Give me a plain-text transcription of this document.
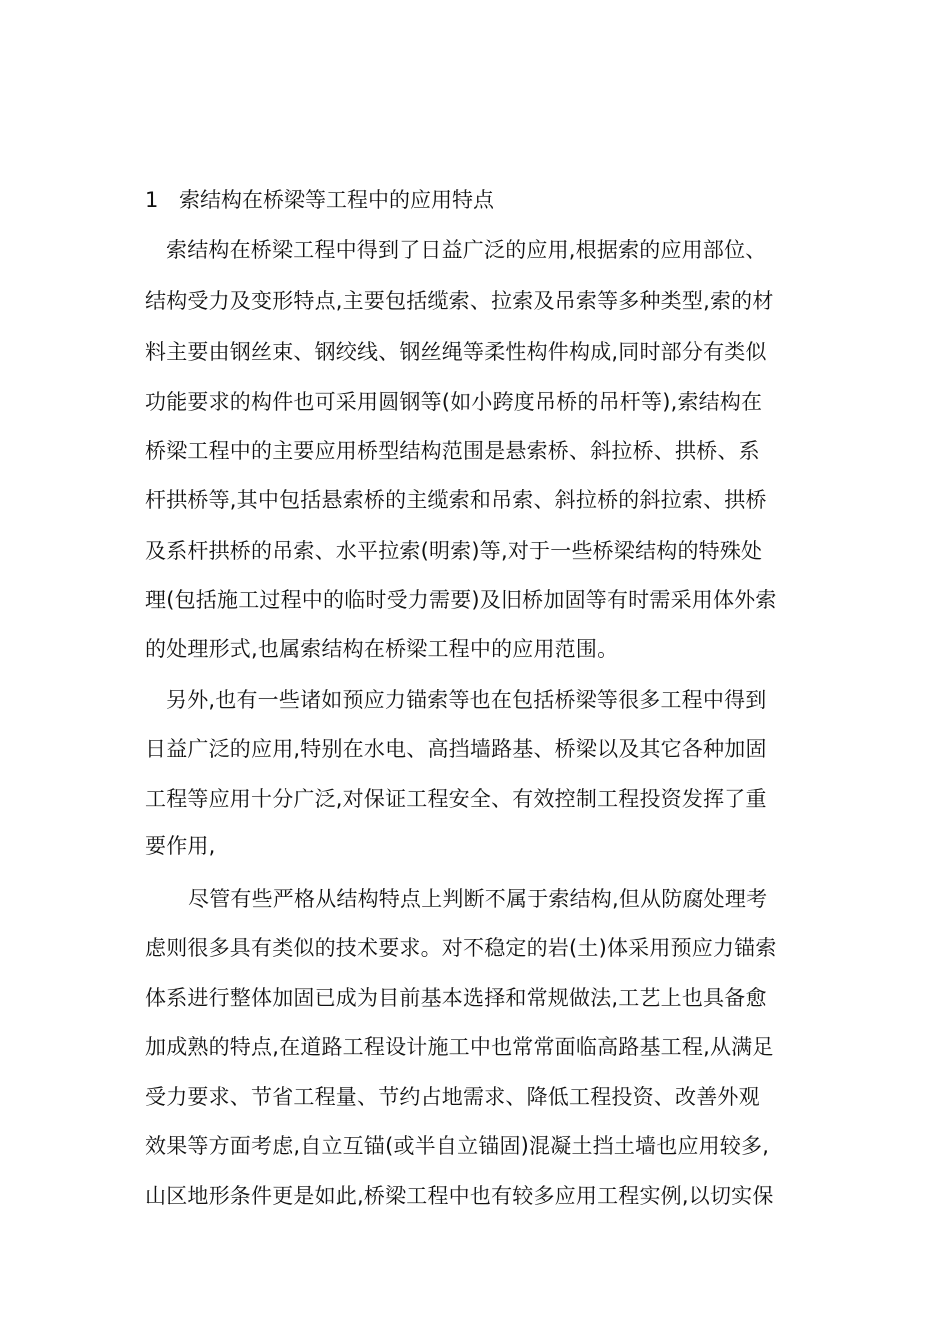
1 索结构在桥梁等工程中的应用特点
索结构在桥梁工程中得到了日益广泛的应用,根据索的应用部位、
结构受力及变形特点,主要包括缆索、拉索及吊索等多种类型,索的材
料主要由钢丝束、钢绞线、钢丝绳等柔性构件构成,同时部分有类似
功能要求的构件也可采用圆钢等(如小跨度吊桥的吊杆等),索结构在
桥梁工程中的主要应用桥型结构范围是悬索桥、斜拉桥、拱桥、系
杆拱桥等,其中包括悬索桥的主缆索和吊索、斜拉桥的斜拉索、拱桥
及系杆拱桥的吊索、水平拉索(明索)等,对于一些桥梁结构的特殊处
理(包括施工过程中的临时受力需要)及旧桥加固等有时需采用体外索
的处理形式,也属索结构在桥梁工程中的应用范围。
另外,也有一些诸如预应力锚索等也在包括桥梁等很多工程中得到
日益广泛的应用,特别在水电、高挡墙路基、桥梁以及其它各种加固
工程等应用十分广泛,对保证工程安全、有效控制工程投资发挥了重
要作用,
尽管有些严格从结构特点上判断不属于索结构,但从防腐处理考
虑则很多具有类似的技术要求。对不稳定的岩(土)体采用预应力锚索
体系进行整体加固已成为目前基本选择和常规做法,工艺上也具备愈
加成熟的特点,在道路工程设计施工中也常常面临高路基工程,从满足
受力要求、节省工程量、节约占地需求、降低工程投资、改善外观
效果等方面考虑,自立互锚(或半自立锚固)混凝土挡土墙也应用较多,
山区地形条件更是如此,桥梁工程中也有较多应用工程实例,以切实保
